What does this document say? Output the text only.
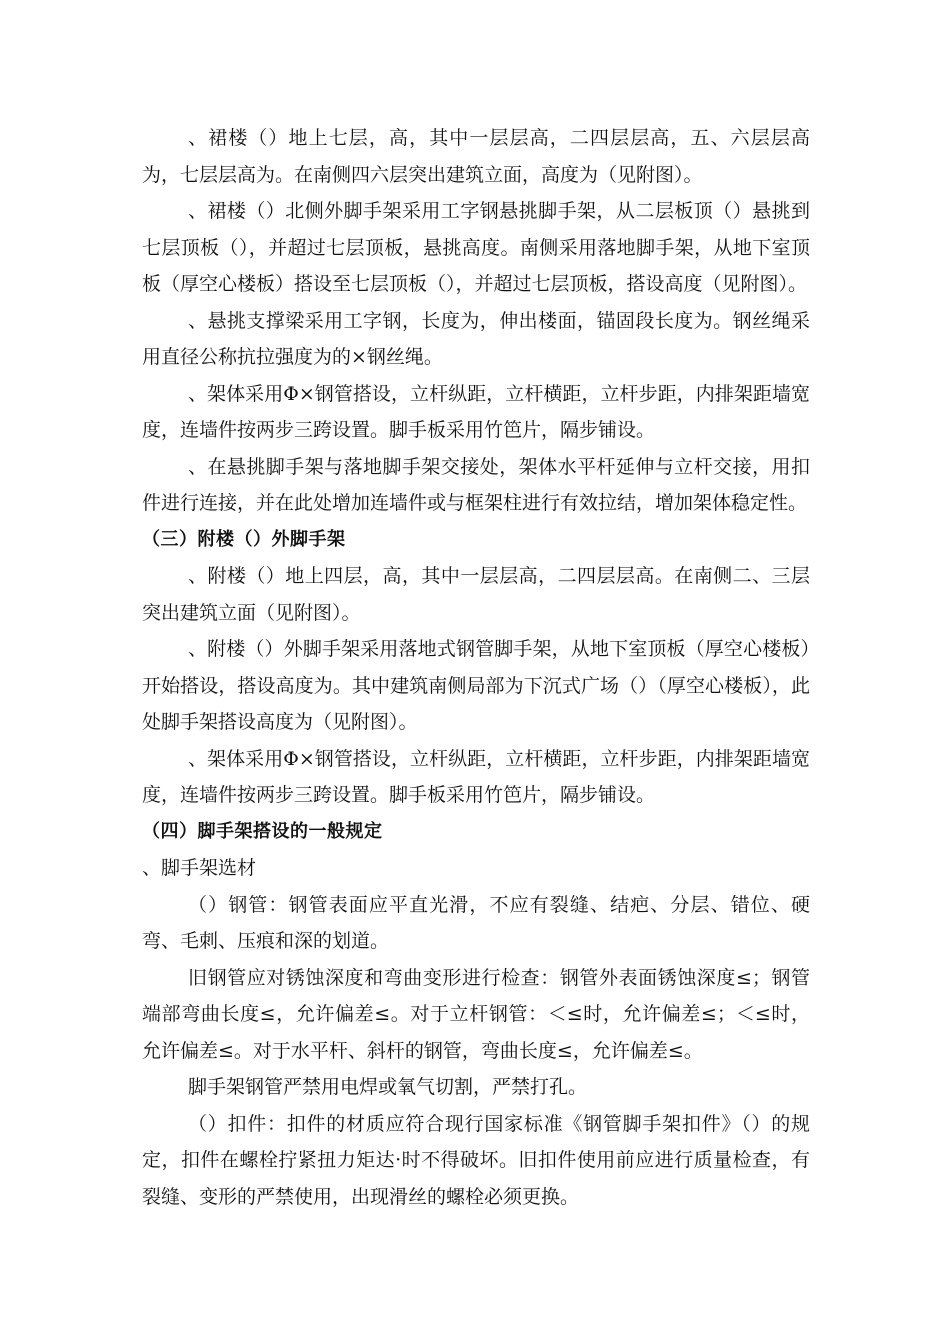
、裙楼（）地上七层，高，其中一层层高，二四层层高，五、六层层高为，七层层高为。在南侧四六层突出建筑立面，高度为（见附图）。

、裙楼（）北侧外脚手架采用工字钢悬挑脚手架，从二层板顶（）悬挑到七层顶板（），并超过七层顶板，悬挑高度。南侧采用落地脚手架，从地下室顶板（厚空心楼板）搭设至七层顶板（），并超过七层顶板，搭设高度（见附图）。

、悬挑支撑梁采用工字钢，长度为，伸出楼面，锚固段长度为。钢丝绳采用直径公称抗拉强度为的×钢丝绳。

、架体采用Φ×钢管搭设，立杆纵距，立杆横距，立杆步距，内排架距墙宽度，连墙件按两步三跨设置。脚手板采用竹笆片，隔步铺设。

、在悬挑脚手架与落地脚手架交接处，架体水平杆延伸与立杆交接，用扣件进行连接，并在此处增加连墙件或与框架柱进行有效拉结，增加架体稳定性。

（三）附楼（）外脚手架

、附楼（）地上四层，高，其中一层层高，二四层层高。在南侧二、三层突出建筑立面（见附图）。

、附楼（）外脚手架采用落地式钢管脚手架，从地下室顶板（厚空心楼板）开始搭设，搭设高度为。其中建筑南侧局部为下沉式广场（）（厚空心楼板），此处脚手架搭设高度为（见附图）。

、架体采用Φ×钢管搭设，立杆纵距，立杆横距，立杆步距，内排架距墙宽度，连墙件按两步三跨设置。脚手板采用竹笆片，隔步铺设。

（四）脚手架搭设的一般规定

、脚手架选材

（）钢管：钢管表面应平直光滑，不应有裂缝、结疤、分层、错位、硬弯、毛刺、压痕和深的划道。

旧钢管应对锈蚀深度和弯曲变形进行检查：钢管外表面锈蚀深度≤；钢管端部弯曲长度≤，允许偏差≤。对于立杆钢管：＜≤时，允许偏差≤；＜≤时，允许偏差≤。对于水平杆、斜杆的钢管，弯曲长度≤，允许偏差≤。

脚手架钢管严禁用电焊或氧气切割，严禁打孔。

（）扣件：扣件的材质应符合现行国家标准《钢管脚手架扣件》（）的规定，扣件在螺栓拧紧扭力矩达·时不得破坏。旧扣件使用前应进行质量检查，有裂缝、变形的严禁使用，出现滑丝的螺栓必须更换。
